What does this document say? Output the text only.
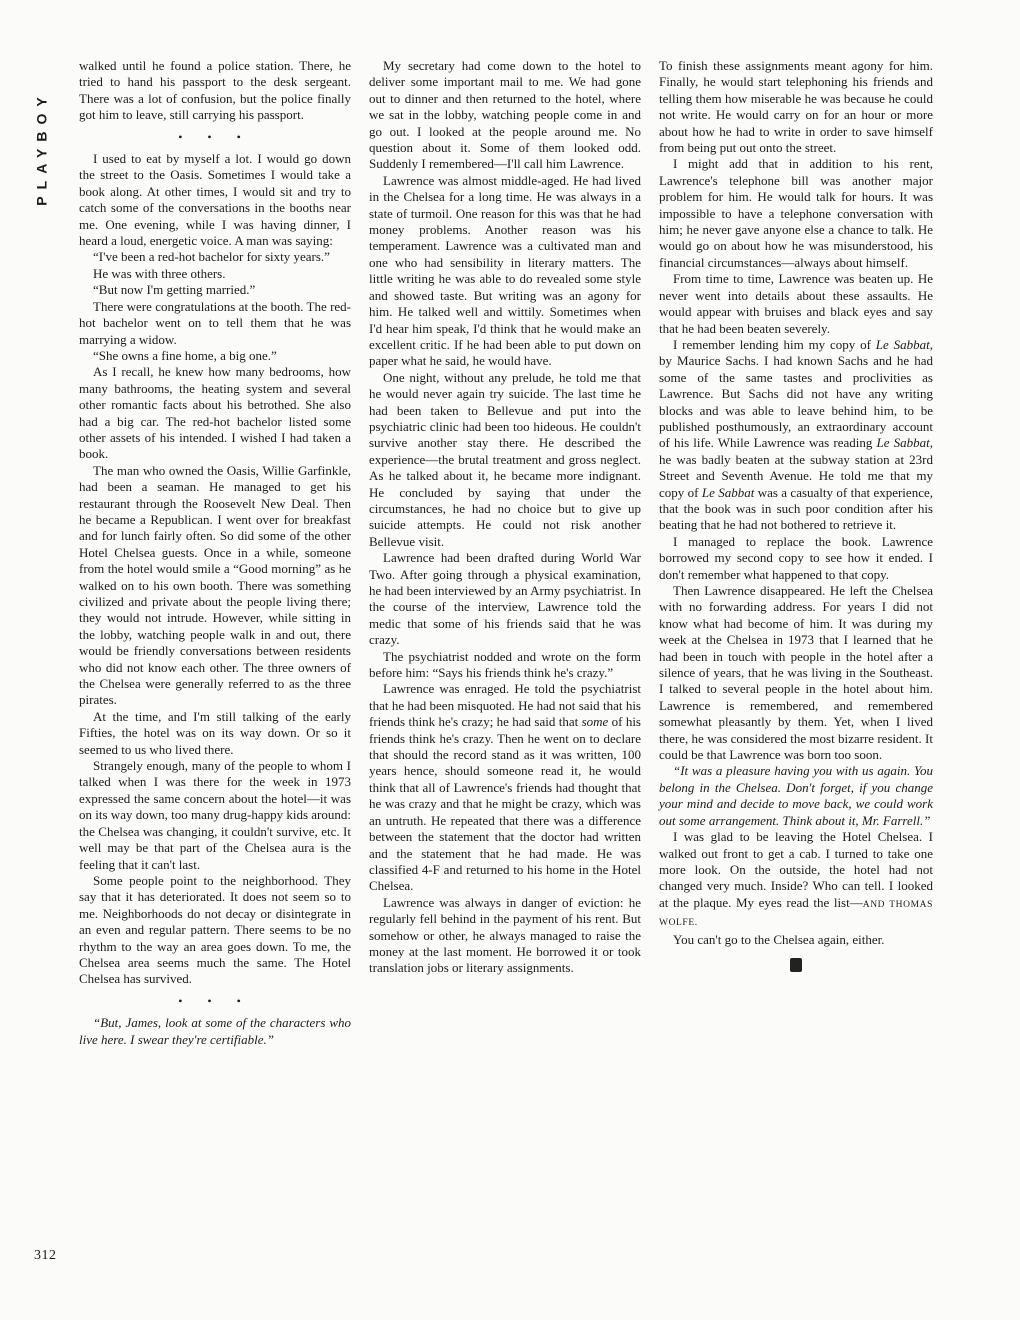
PLAYBOY

walked until he found a police station. There, he tried to hand his passport to the desk sergeant. There was a lot of confusion, but the police finally got him to leave, still carrying his passport.

• • •

I used to eat by myself a lot. I would go down the street to the Oasis. Sometimes I would take a book along. At other times, I would sit and try to catch some of the conversations in the booths near me. One evening, while I was having dinner, I heard a loud, energetic voice. A man was saying:

“I've been a red-hot bachelor for sixty years.”

He was with three others.

“But now I'm getting married.”

There were congratulations at the booth. The red-hot bachelor went on to tell them that he was marrying a widow.

“She owns a fine home, a big one.”

As I recall, he knew how many bedrooms, how many bathrooms, the heating system and several other romantic facts about his betrothed. She also had a big car. The red-hot bachelor listed some other assets of his intended. I wished I had taken a book.

The man who owned the Oasis, Willie Garfinkle, had been a seaman. He managed to get his restaurant through the Roosevelt New Deal. Then he became a Republican. I went over for breakfast and for lunch fairly often. So did some of the other Hotel Chelsea guests. Once in a while, someone from the hotel would smile a “Good morning” as he walked on to his own booth. There was something civilized and private about the people living there; they would not intrude. However, while sitting in the lobby, watching people walk in and out, there would be friendly conversations between residents who did not know each other. The three owners of the Chelsea were generally referred to as the three pirates.

At the time, and I'm still talking of the early Fifties, the hotel was on its way down. Or so it seemed to us who lived there.

Strangely enough, many of the people to whom I talked when I was there for the week in 1973 expressed the same concern about the hotel—it was on its way down, too many drug-happy kids around: the Chelsea was changing, it couldn't survive, etc. It well may be that part of the Chelsea aura is the feeling that it can't last.

Some people point to the neighborhood. They say that it has deteriorated. It does not seem so to me. Neighborhoods do not decay or disintegrate in an even and regular pattern. There seems to be no rhythm to the way an area goes down. To me, the Chelsea area seems much the same. The Hotel Chelsea has survived.

• • •

“But, James, look at some of the characters who live here. I swear they're certifiable.”

My secretary had come down to the hotel to deliver some important mail to me. We had gone out to dinner and then returned to the hotel, where we sat in the lobby, watching people come in and go out. I looked at the people around me. No question about it. Some of them looked odd. Suddenly I remembered—I'll call him Lawrence.

Lawrence was almost middle-aged. He had lived in the Chelsea for a long time. He was always in a state of turmoil. One reason for this was that he had money problems. Another reason was his temperament. Lawrence was a cultivated man and one who had sensibility in literary matters. The little writing he was able to do revealed some style and showed taste. But writing was an agony for him. He talked well and wittily. Sometimes when I'd hear him speak, I'd think that he would make an excellent critic. If he had been able to put down on paper what he said, he would have.

One night, without any prelude, he told me that he would never again try suicide. The last time he had been taken to Bellevue and put into the psychiatric clinic had been too hideous. He couldn't survive another stay there. He described the experience—the brutal treatment and gross neglect. As he talked about it, he became more indignant. He concluded by saying that under the circumstances, he had no choice but to give up suicide attempts. He could not risk another Bellevue visit.

Lawrence had been drafted during World War Two. After going through a physical examination, he had been interviewed by an Army psychiatrist. In the course of the interview, Lawrence told the medic that some of his friends said that he was crazy.

The psychiatrist nodded and wrote on the form before him: “Says his friends think he's crazy.”

Lawrence was enraged. He told the psychiatrist that he had been misquoted. He had not said that his friends think he's crazy; he had said that some of his friends think he's crazy. Then he went on to declare that should the record stand as it was written, 100 years hence, should someone read it, he would think that all of Lawrence's friends had thought that he was crazy and that he might be crazy, which was an untruth. He repeated that there was a difference between the statement that the doctor had written and the statement that he had made. He was classified 4-F and returned to his home in the Hotel Chelsea.

Lawrence was always in danger of eviction: he regularly fell behind in the payment of his rent. But somehow or other, he always managed to raise the money at the last moment. He borrowed it or took translation jobs or literary assignments.

To finish these assignments meant agony for him. Finally, he would start telephoning his friends and telling them how miserable he was because he could not write. He would carry on for an hour or more about how he had to write in order to save himself from being put out onto the street.

I might add that in addition to his rent, Lawrence's telephone bill was another major problem for him. He would talk for hours. It was impossible to have a telephone conversation with him; he never gave anyone else a chance to talk. He would go on about how he was misunderstood, his financial circumstances—always about himself.

From time to time, Lawrence was beaten up. He never went into details about these assaults. He would appear with bruises and black eyes and say that he had been beaten severely.

I remember lending him my copy of Le Sabbat, by Maurice Sachs. I had known Sachs and he had some of the same tastes and proclivities as Lawrence. But Sachs did not have any writing blocks and was able to leave behind him, to be published posthumously, an extraordinary account of his life. While Lawrence was reading Le Sabbat, he was badly beaten at the subway station at 23rd Street and Seventh Avenue. He told me that my copy of Le Sabbat was a casualty of that experience, that the book was in such poor condition after his beating that he had not bothered to retrieve it.

I managed to replace the book. Lawrence borrowed my second copy to see how it ended. I don't remember what happened to that copy.

Then Lawrence disappeared. He left the Chelsea with no forwarding address. For years I did not know what had become of him. It was during my week at the Chelsea in 1973 that I learned that he had been in touch with people in the hotel after a silence of years, that he was living in the Southeast. I talked to several people in the hotel about him. Lawrence is remembered, and remembered somewhat pleasantly by them. Yet, when I lived there, he was considered the most bizarre resident. It could be that Lawrence was born too soon.

“It was a pleasure having you with us again. You belong in the Chelsea. Don't forget, if you change your mind and decide to move back, we could work out some arrangement. Think about it, Mr. Farrell.”

I was glad to be leaving the Hotel Chelsea. I walked out front to get a cab. I turned to take one more look. On the outside, the hotel had not changed very much. Inside? Who can tell. I looked at the plaque. My eyes read the list—AND THOMAS WOLFE.

You can't go to the Chelsea again, either.

312
